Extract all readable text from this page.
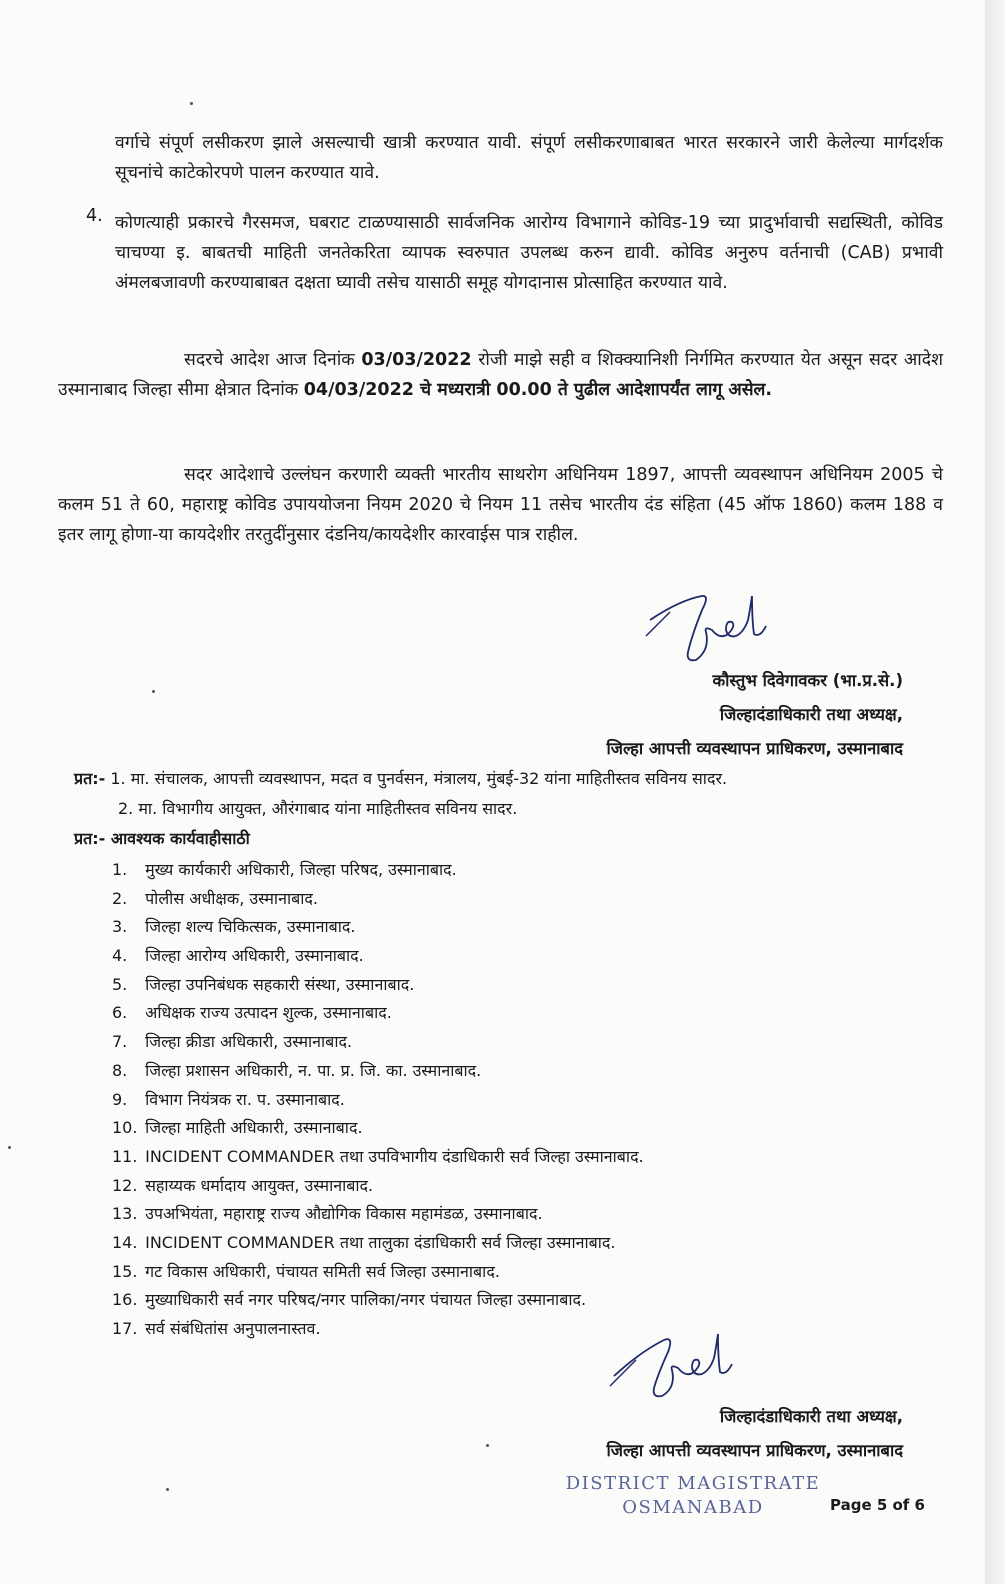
वर्गाचे संपूर्ण लसीकरण झाले असल्याची खात्री करण्यात यावी. संपूर्ण लसीकरणाबाबत भारत सरकारने जारी केलेल्या मार्गदर्शक सूचनांचे काटेकोरपणे पालन करण्यात यावे.
4. कोणत्याही प्रकारचे गैरसमज, घबराट टाळण्यासाठी सार्वजनिक आरोग्य विभागाने कोविड-19 च्या प्रादुर्भावाची सद्यस्थिती, कोविड चाचण्या इ. बाबतची माहिती जनतेकरिता व्यापक स्वरुपात उपलब्ध करुन द्यावी. कोविड अनुरुप वर्तनाची (CAB) प्रभावी अंमलबजावणी करण्याबाबत दक्षता घ्यावी तसेच यासाठी समूह योगदानास प्रोत्साहित करण्यात यावे.
सदरचे आदेश आज दिनांक 03/03/2022 रोजी माझे सही व शिक्क्यानिशी निर्गमित करण्यात येत असून सदर आदेश उस्मानाबाद जिल्हा सीमा क्षेत्रात दिनांक 04/03/2022 चे मध्यरात्री 00.00 ते पुढील आदेशापर्यंत लागू असेल.
सदर आदेशाचे उल्लंघन करणारी व्यक्ती भारतीय साथरोग अधिनियम 1897, आपत्ती व्यवस्थापन अधिनियम 2005 चे कलम 51 ते 60, महाराष्ट्र कोविड उपाययोजना नियम 2020 चे नियम 11 तसेच भारतीय दंड संहिता (45 ऑफ 1860) कलम 188 व इतर लागू होणा-या कायदेशीर तरतुदींनुसार दंडनिय/कायदेशीर कारवाईस पात्र राहील.
कौस्तुभ दिवेगावकर (भा.प्र.से.)
जिल्हादंडाधिकारी तथा अध्यक्ष,
जिल्हा आपत्ती व्यवस्थापन प्राधिकरण, उस्मानाबाद
प्रत:- 1. मा. संचालक, आपत्ती व्यवस्थापन, मदत व पुनर्वसन, मंत्रालय, मुंबई-32 यांना माहितीस्तव सविनय सादर.
2. मा. विभागीय आयुक्त, औरंगाबाद यांना माहितीस्तव सविनय सादर.
प्रत:- आवश्यक कार्यवाहीसाठी
1. मुख्य कार्यकारी अधिकारी, जिल्हा परिषद, उस्मानाबाद.
2. पोलीस अधीक्षक, उस्मानाबाद.
3. जिल्हा शल्य चिकित्सक, उस्मानाबाद.
4. जिल्हा आरोग्य अधिकारी, उस्मानाबाद.
5. जिल्हा उपनिबंधक सहकारी संस्था, उस्मानाबाद.
6. अधिक्षक राज्य उत्पादन शुल्क, उस्मानाबाद.
7. जिल्हा क्रीडा अधिकारी, उस्मानाबाद.
8. जिल्हा प्रशासन अधिकारी, न. पा. प्र. जि. का. उस्मानाबाद.
9. विभाग नियंत्रक रा. प. उस्मानाबाद.
10. जिल्हा माहिती अधिकारी, उस्मानाबाद.
11. INCIDENT COMMANDER तथा उपविभागीय दंडाधिकारी सर्व जिल्हा उस्मानाबाद.
12. सहाय्यक धर्मादाय आयुक्त, उस्मानाबाद.
13. उपअभियंता, महाराष्ट्र राज्य औद्योगिक विकास महामंडळ, उस्मानाबाद.
14. INCIDENT COMMANDER तथा तालुका दंडाधिकारी सर्व जिल्हा उस्मानाबाद.
15. गट विकास अधिकारी, पंचायत समिती सर्व जिल्हा उस्मानाबाद.
16. मुख्याधिकारी सर्व नगर परिषद/नगर पालिका/नगर पंचायत जिल्हा उस्मानाबाद.
17. सर्व संबंधितांस अनुपालनास्तव.
जिल्हादंडाधिकारी तथा अध्यक्ष,
जिल्हा आपत्ती व्यवस्थापन प्राधिकरण, उस्मानाबाद
DISTRICT MAGISTRATE
OSMANABAD	Page 5 of 6
